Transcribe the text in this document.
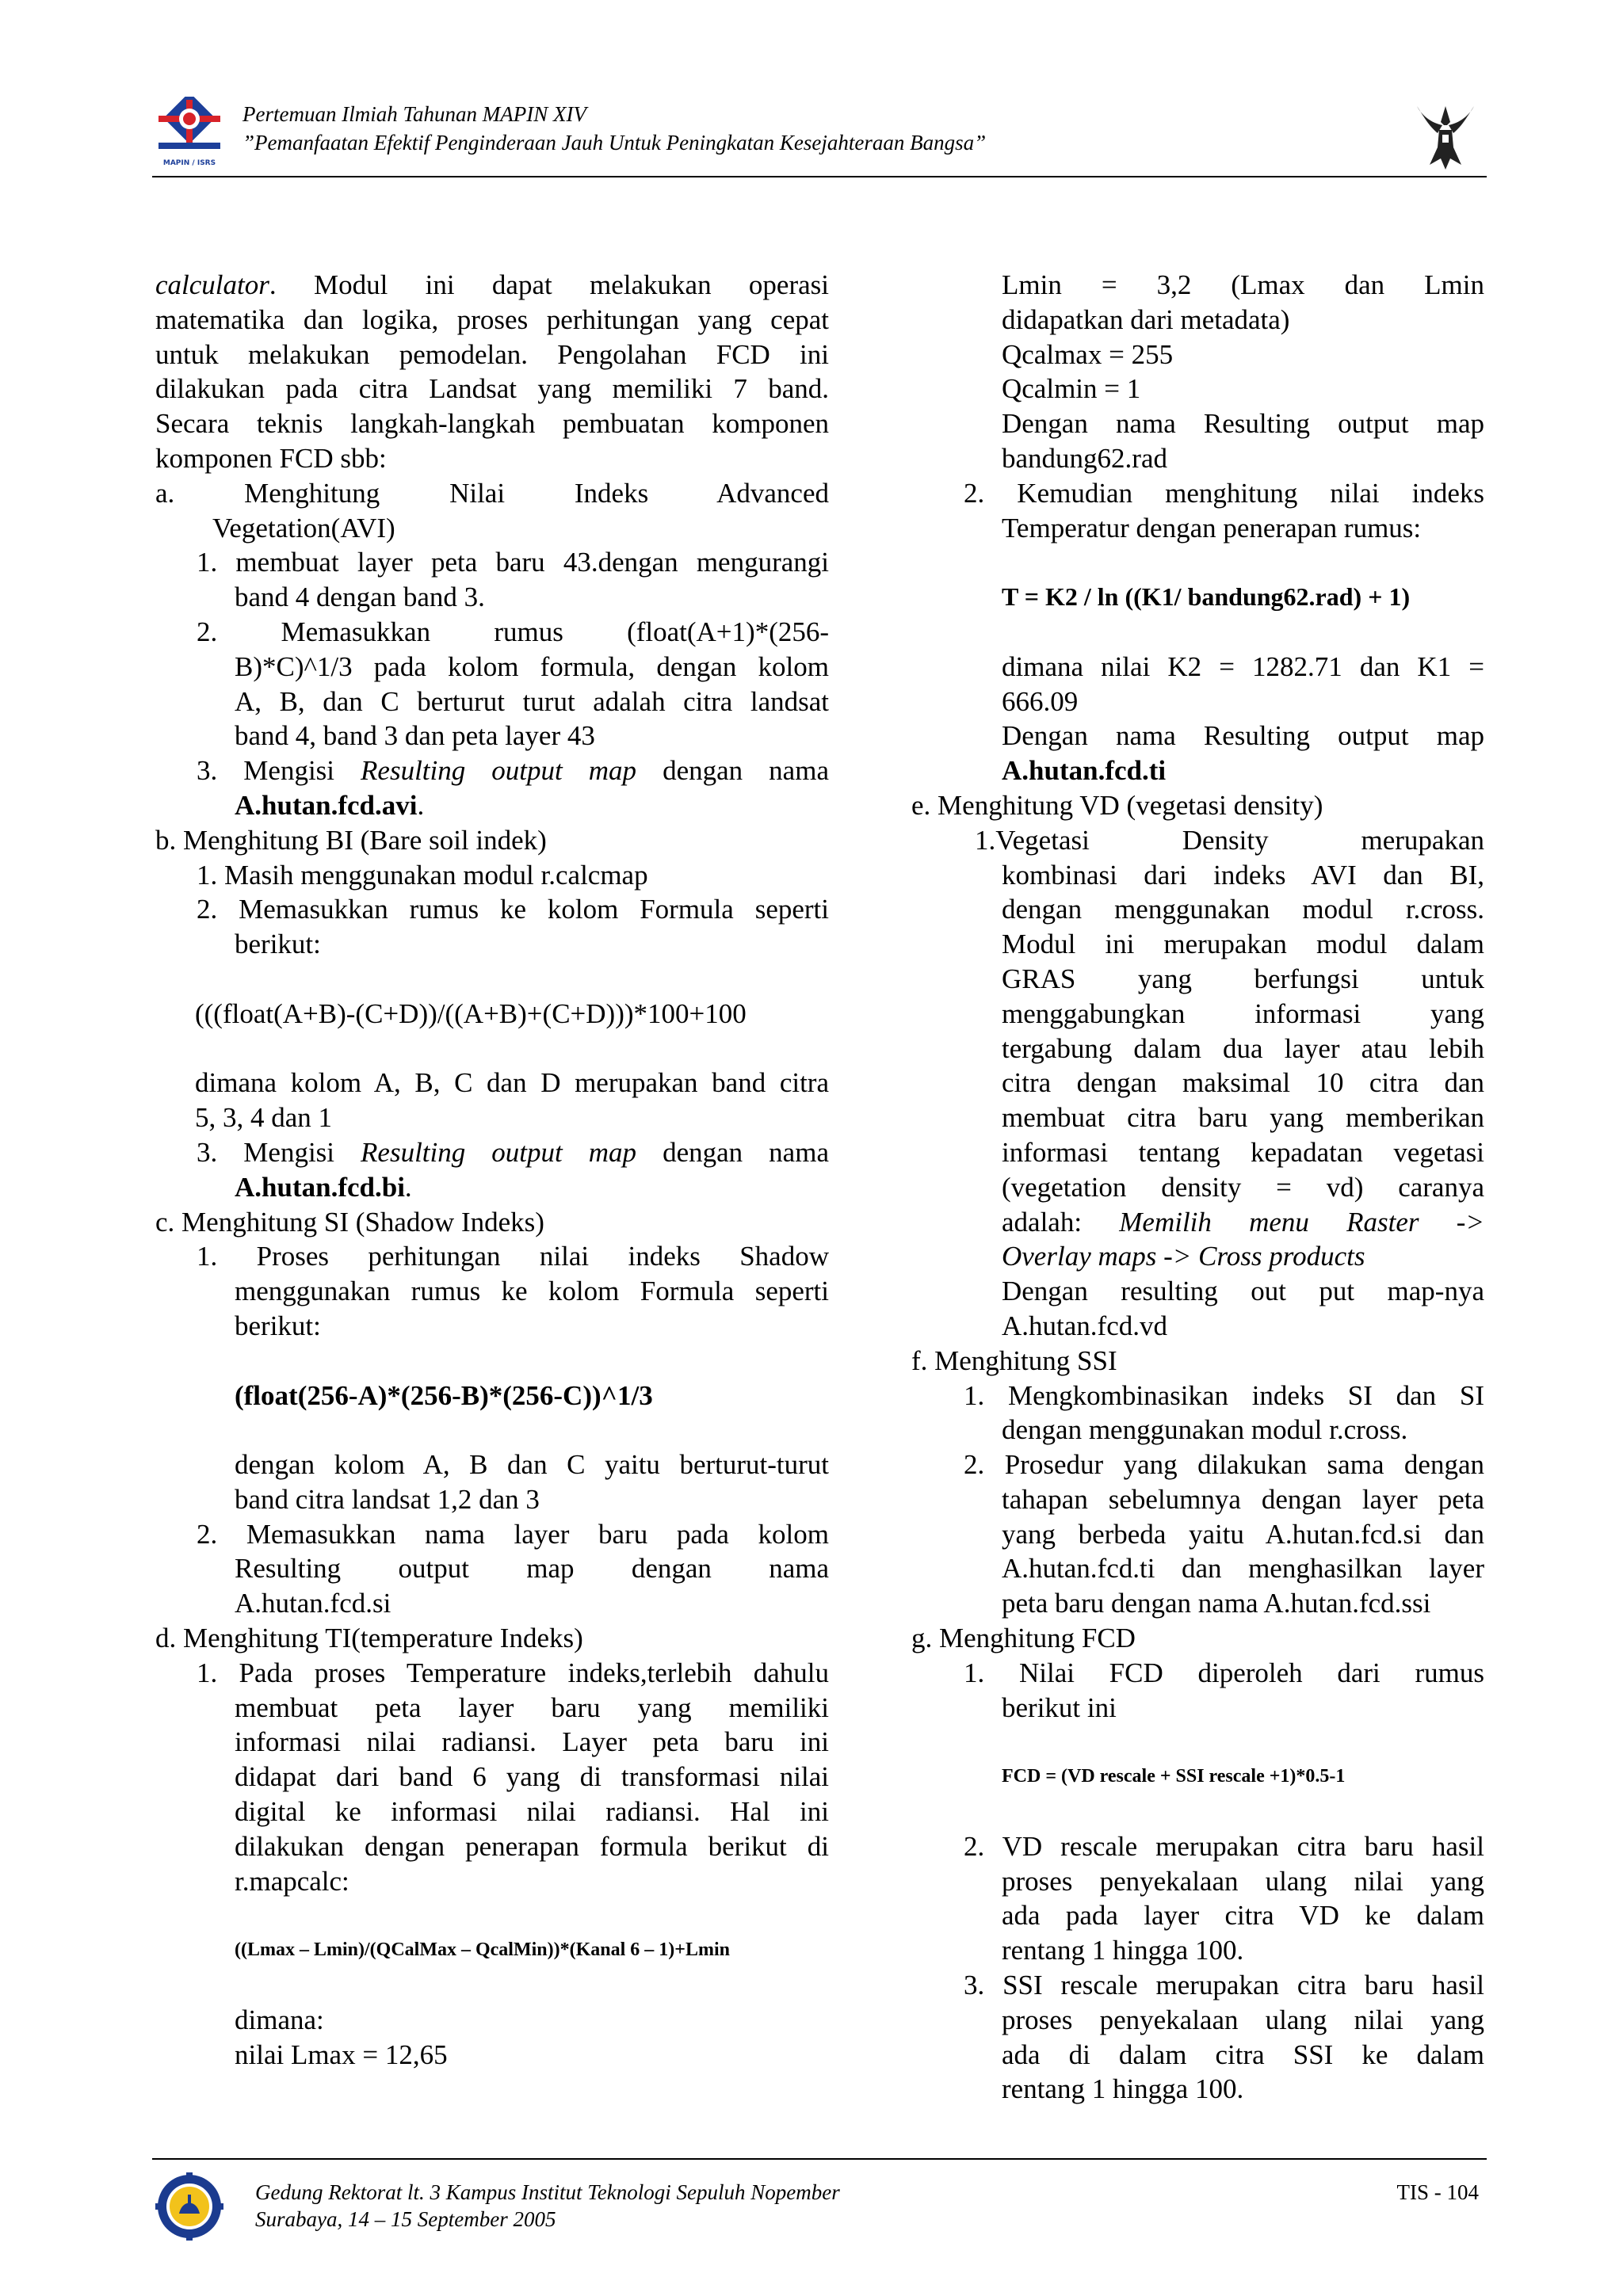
MAPIN / ISRS
Pertemuan Ilmiah Tahunan MAPIN XIV
”Pemanfaatan Efektif Penginderaan Jauh Untuk Peningkatan Kesejahteraan Bangsa”

calculator. Modul ini dapat melakukan operasi

matematika dan logika, proses perhitungan yang cepat

untuk melakukan pemodelan. Pengolahan FCD ini

dilakukan pada citra Landsat yang memiliki 7 band.

Secara teknis langkah-langkah pembuatan komponen

komponen FCD sbb:

a. Menghitung Nilai Indeks Advanced

Vegetation(AVI)

1. membuat layer peta baru 43.dengan mengurangi

band 4 dengan band 3.

2. Memasukkan rumus (float(A+1)*(256-

B)*C)^1/3 pada kolom formula, dengan kolom

A, B, dan C berturut turut adalah citra landsat

band 4, band 3 dan peta layer 43

3. Mengisi Resulting output map dengan nama

A.hutan.fcd.avi.

b. Menghitung BI (Bare soil indek)

1. Masih menggunakan modul r.calcmap

2. Memasukkan rumus ke kolom Formula seperti

berikut:

(((float(A+B)-(C+D))/((A+B)+(C+D)))*100+100

dimana kolom A, B, C dan D merupakan band citra

5, 3, 4 dan 1

3. Mengisi Resulting output map dengan nama

A.hutan.fcd.bi.

c. Menghitung SI (Shadow Indeks)

1. Proses perhitungan nilai indeks Shadow

menggunakan rumus ke kolom Formula seperti

berikut:

(float(256-A)*(256-B)*(256-C))^1/3

dengan kolom A, B dan C yaitu berturut-turut

band citra landsat 1,2 dan 3

2. Memasukkan nama layer baru pada kolom

Resulting output map dengan nama

A.hutan.fcd.si

d. Menghitung TI(temperature Indeks)

1. Pada proses Temperature indeks,terlebih dahulu

membuat peta layer baru yang memiliki

informasi nilai radiansi. Layer peta baru ini

didapat dari band 6 yang di transformasi nilai

digital ke informasi nilai radiansi. Hal ini

dilakukan dengan penerapan formula berikut di

r.mapcalc:

((Lmax – Lmin)/(QCalMax – QcalMin))*(Kanal 6 – 1)+Lmin

dimana:

nilai Lmax = 12,65

Lmin = 3,2 (Lmax dan Lmin

didapatkan dari metadata)

Qcalmax = 255

Qcalmin = 1

Dengan nama Resulting output map

bandung62.rad

2. Kemudian menghitung nilai indeks

Temperatur dengan penerapan rumus:

T = K2 / ln ((K1/ bandung62.rad) + 1)

dimana nilai K2 = 1282.71 dan K1 =

666.09

Dengan nama Resulting output map

A.hutan.fcd.ti

e. Menghitung VD (vegetasi density)

1.Vegetasi Density merupakan

kombinasi dari indeks AVI dan BI,

dengan menggunakan modul r.cross.

Modul ini merupakan modul dalam

GRAS yang berfungsi untuk

menggabungkan informasi yang

tergabung dalam dua layer atau lebih

citra dengan maksimal 10 citra dan

membuat citra baru yang memberikan

informasi tentang kepadatan vegetasi

(vegetation density = vd) caranya

adalah: Memilih menu Raster ->

Overlay maps -> Cross products

Dengan resulting out put map-nya

A.hutan.fcd.vd

f. Menghitung SSI

1. Mengkombinasikan indeks SI dan SI

dengan menggunakan modul r.cross.

2. Prosedur yang dilakukan sama dengan

tahapan sebelumnya dengan layer peta

yang berbeda yaitu A.hutan.fcd.si dan

A.hutan.fcd.ti dan menghasilkan layer

peta baru dengan nama A.hutan.fcd.ssi

g. Menghitung FCD

1. Nilai FCD diperoleh dari rumus

berikut ini

FCD = (VD rescale + SSI rescale +1)*0.5-1

2. VD rescale merupakan citra baru hasil

proses penyekalaan ulang nilai yang

ada pada layer citra VD ke dalam

rentang 1 hingga 100.

3. SSI rescale merupakan citra baru hasil

proses penyekalaan ulang nilai yang

ada di dalam citra SSI ke dalam

rentang 1 hingga 100.

Gedung Rektorat lt. 3 Kampus Institut Teknologi Sepuluh Nopember
Surabaya, 14 – 15 September 2005
TIS - 104
